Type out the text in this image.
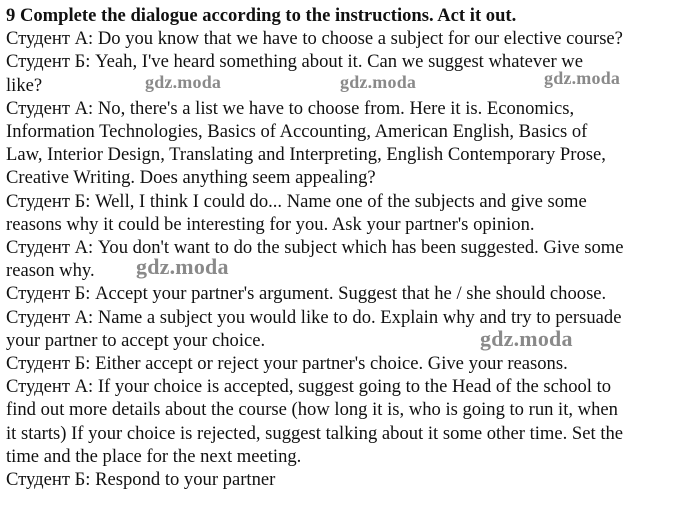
9 Complete the dialogue according to the instructions. Act it out.
Студент А: Do you know that we have to choose a subject for our elective course?
Студент Б: Yeah, I've heard something about it. Can we suggest whatever we
like?
Студент А: No, there's a list we have to choose from. Here it is. Economics,
Information Technologies, Basics of Accounting, American English, Basics of
Law, Interior Design, Translating and Interpreting, English Contemporary Prose,
Creative Writing. Does anything seem appealing?
Студент Б: Well, I think I could do... Name one of the subjects and give some
reasons why it could be interesting for you. Ask your partner's opinion.
Студент А: You don't want to do the subject which has been suggested. Give some
reason why.
Студент Б: Accept your partner's argument. Suggest that he / she should choose.
Студент А: Name a subject you would like to do. Explain why and try to persuade
your partner to accept your choice.
Студент Б: Either accept or reject your partner's choice. Give your reasons.
Студент А: If your choice is accepted, suggest going to the Head of the school to
find out more details about the course (how long it is, who is going to run it, when
it starts) If your choice is rejected, suggest talking about it some other time. Set the
time and the place for the next meeting.
Студент Б: Respond to your partner
gdz.moda	gdz.moda	gdz.moda
gdz.moda
gdz.moda
